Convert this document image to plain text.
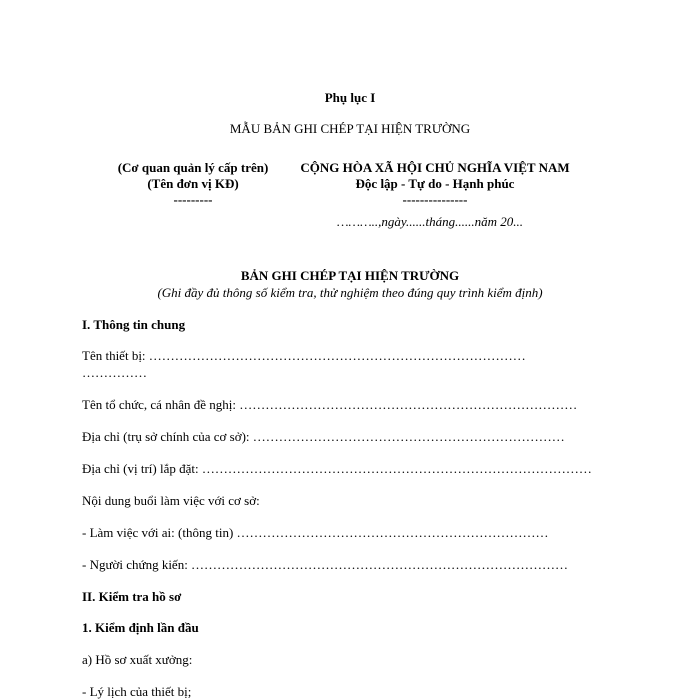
Phụ lục I
MẪU BẢN GHI CHÉP TẠI HIỆN TRƯỜNG
(Cơ quan quản lý cấp trên)
(Tên đơn vị KĐ)
---------
CỘNG HÒA XÃ HỘI CHỦ NGHĨA VIỆT NAM
Độc lập - Tự do - Hạnh phúc
---------------
………..,ngày......tháng......năm 20...
BẢN GHI CHÉP TẠI HIỆN TRƯỜNG
(Ghi đầy đủ thông số kiểm tra, thử nghiệm theo đúng quy trình kiểm định)
I. Thông tin chung
Tên thiết bị: ……………………………………………………………………………
……………
Tên tổ chức, cá nhân đề nghị: ……………………………………………………………………
Địa chỉ (trụ sở chính của cơ sở): ………………………………………………………………
Địa chỉ (vị trí) lắp đặt: ………………………………………………………………………………
Nội dung buổi làm việc với cơ sở:
- Làm việc với ai: (thông tin) ………………………………………………………………
- Người chứng kiến: ……………………………………………………………………………
II. Kiểm tra hồ sơ
1. Kiểm định lần đầu
a) Hồ sơ xuất xưởng:
- Lý lịch của thiết bị;
